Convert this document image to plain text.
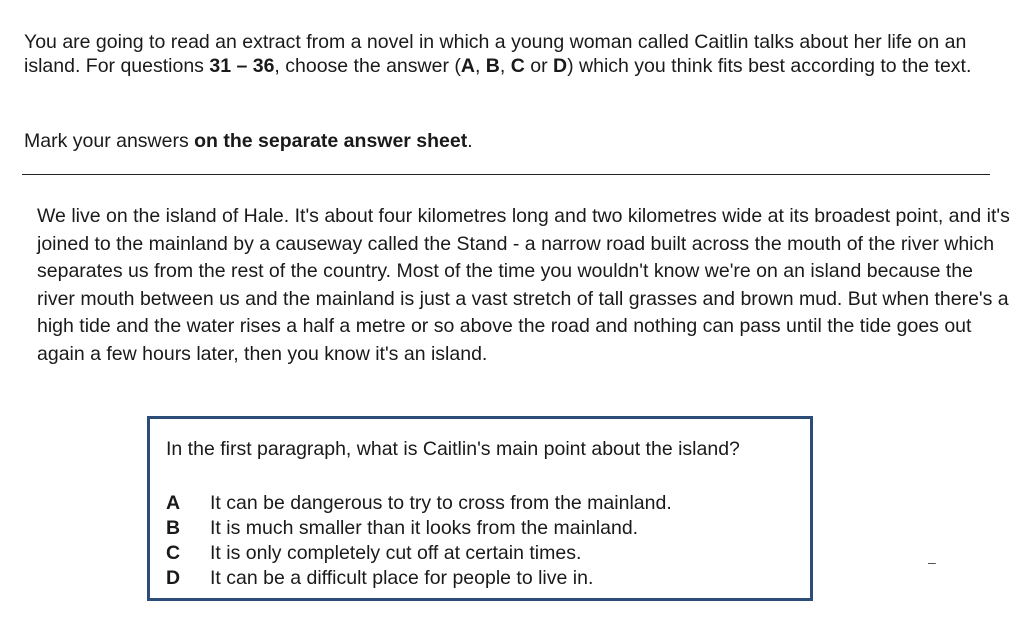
You are going to read an extract from a novel in which a young woman called Caitlin talks about her life on an island. For questions 31 – 36, choose the answer (A, B, C or D) which you think fits best according to the text.

Mark your answers on the separate answer sheet.

We live on the island of Hale. It's about four kilometres long and two kilometres wide at its broadest point, and it's joined to the mainland by a causeway called the Stand - a narrow road built across the mouth of the river which separates us from the rest of the country. Most of the time you wouldn't know we're on an island because the river mouth between us and the mainland is just a vast stretch of tall grasses and brown mud. But when there's a high tide and the water rises a half a metre or so above the road and nothing can pass until the tide goes out again a few hours later, then you know it's an island.

In the first paragraph, what is Caitlin's main point about the island?

A	It can be dangerous to try to cross from the mainland.
B	It is much smaller than it looks from the mainland.
C	It is only completely cut off at certain times.
D	It can be a difficult place for people to live in.
–
